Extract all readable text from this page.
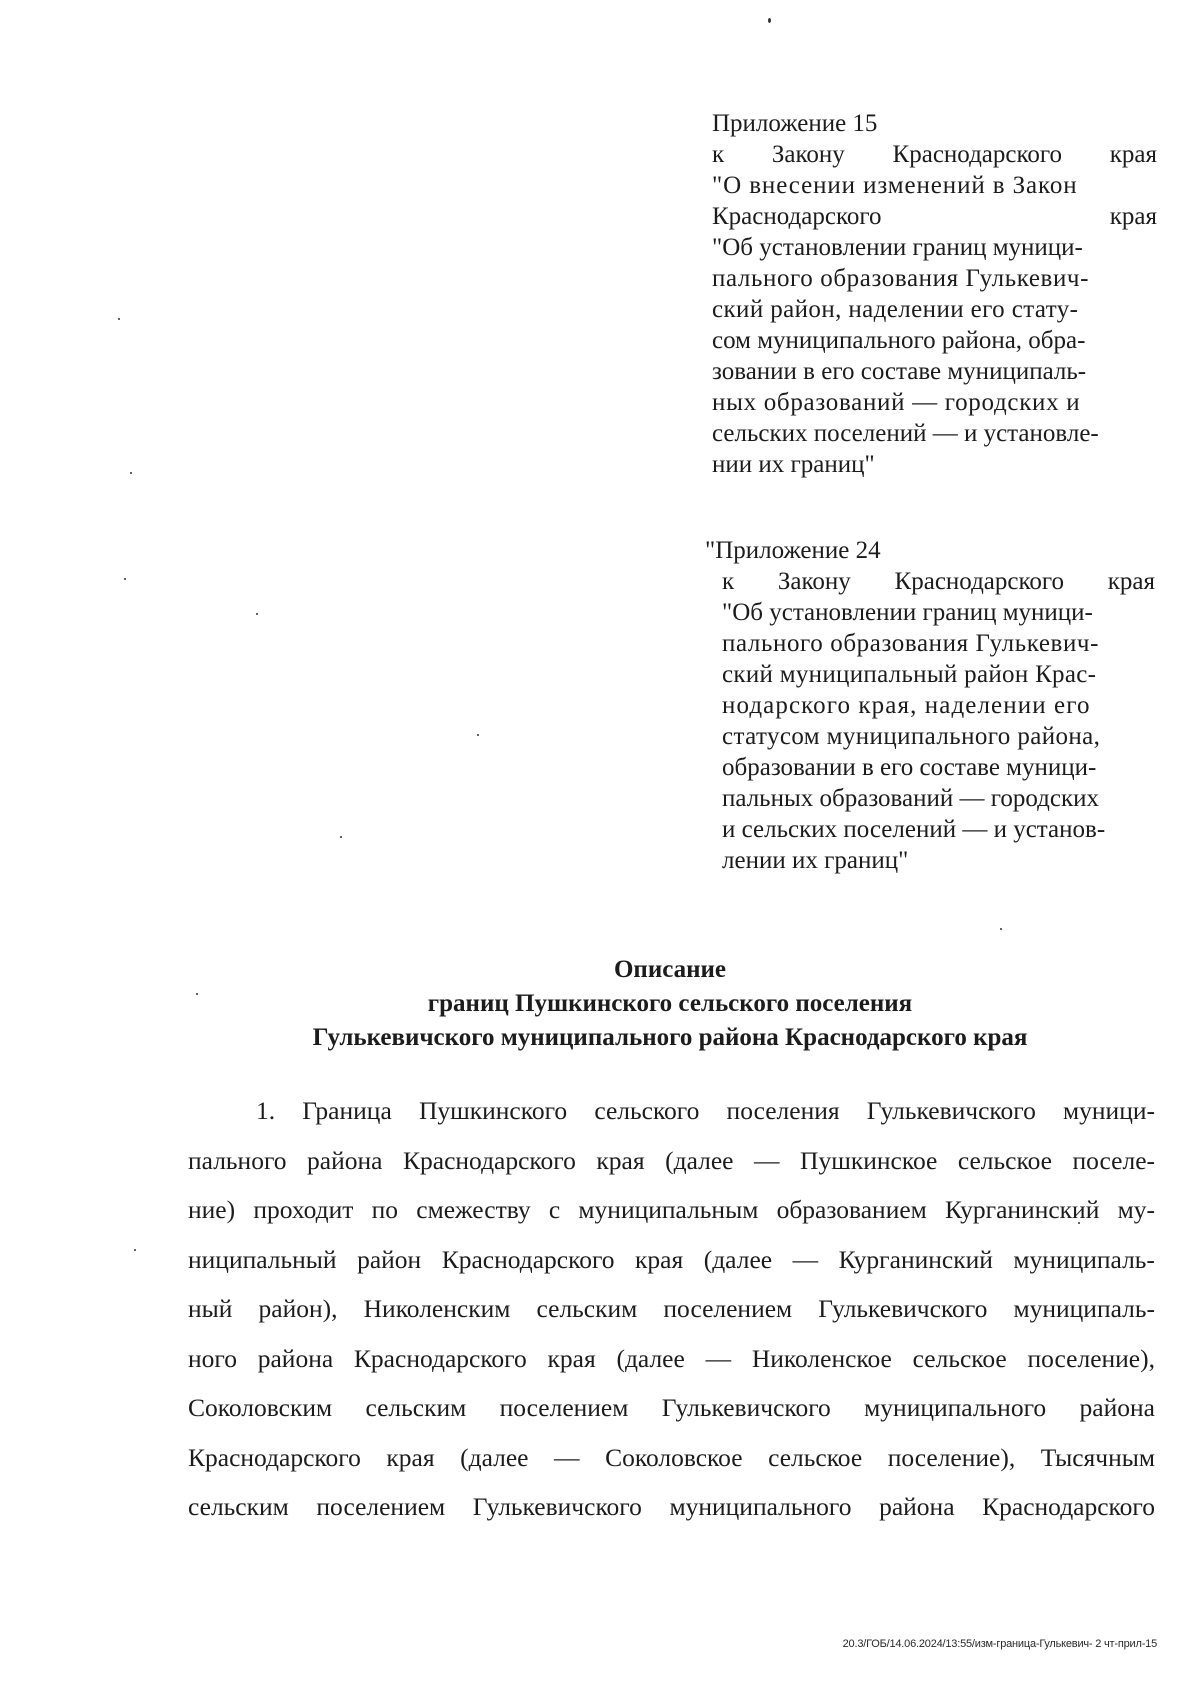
Приложение 15
к Закону Краснодарского края
"О внесении изменений в Закон
Краснодарского	края
"Об установлении границ муници-
пального образования Гулькевич-
ский район, наделении его стату-
сом муниципального района, обра-
зовании в его составе муниципаль-
ных образований — городских и
сельских поселений — и установле-
нии их границ"
"Приложение 24
к Закону Краснодарского края
"Об установлении границ муници-
пального образования Гулькевич-
ский муниципальный район Крас-
нодарского края, наделении его
статусом муниципального района,
образовании в его составе муници-
пальных образований — городских
и сельских поселений — и установ-
лении их границ"
Описание
границ Пушкинского сельского поселения
Гулькевичского муниципального района Краснодарского края
1. Граница Пушкинского сельского поселения Гулькевичского муници-
пального района Краснодарского края (далее — Пушкинское сельское поселе-
ние) проходит по смежеству с муниципальным образованием Курганинский му-
ниципальный район Краснодарского края (далее — Курганинский муниципаль-
ный район), Николенским сельским поселением Гулькевичского муниципаль-
ного района Краснодарского края (далее — Николенское сельское поселение),
Соколовским сельским поселением Гулькевичского муниципального района
Краснодарского края (далее — Соколовское сельское поселение), Тысячным
сельским поселением Гулькевичского муниципального района Краснодарского
20.3/ГОБ/14.06.2024/13:55/изм-граница-Гулькевич- 2 чт-прил-15
